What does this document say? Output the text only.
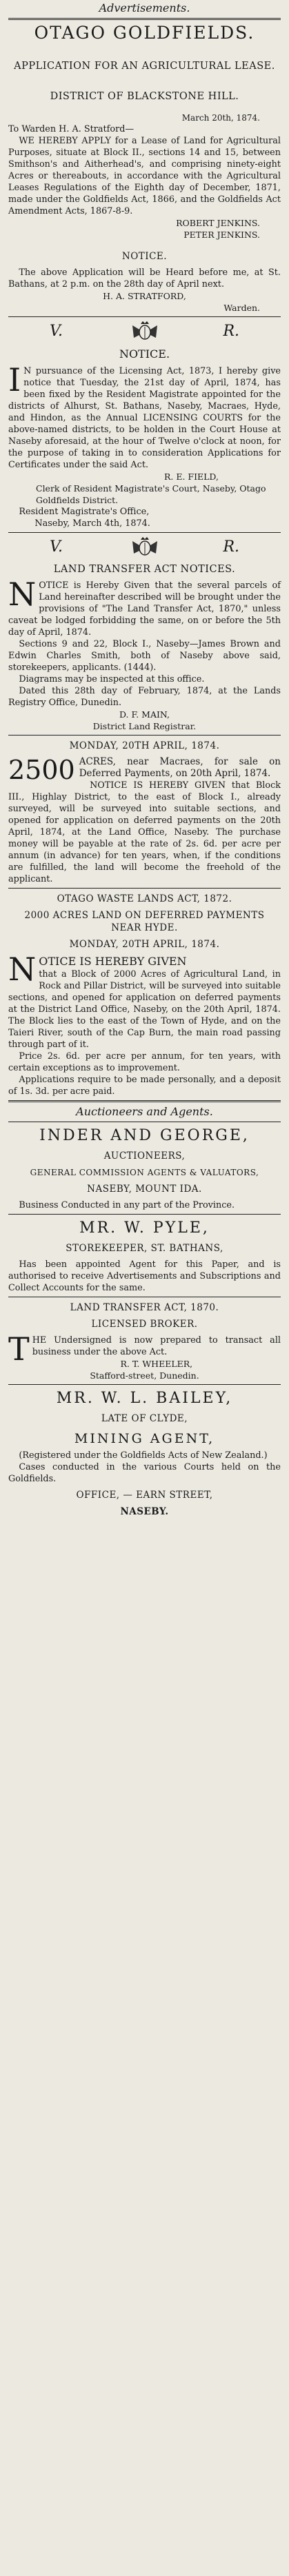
Advertisements.
OTAGO GOLDFIELDS.
APPLICATION FOR AN AGRICULTURAL LEASE.
DISTRICT OF BLACKSTONE HILL.
March 20th, 1874.
To Warden H. A. Stratford—

WE HEREBY APPLY for a Lease of Land for Agricultural Purposes, situate at Block II., sections 14 and 15, between Smithson's and Aitherhead's, and comprising ninety-eight Acres or thereabouts, in accordance with the Agricultural Leases Regulations of the Eighth day of December, 1871, made under the Goldfields Act, 1866, and the Goldfields Act Amendment Acts, 1867-8-9.

ROBERT JENKINS.
PETER JENKINS.
NOTICE.

The above Application will be Heard before me, at St. Bathans, at 2 p.m. on the 28th day of April next.

H. A. STRATFORD,
Warden.
V.	R.
NOTICE.
I N pursuance of the Licensing Act, 1873, I hereby give notice that Tuesday, the 21st day of April, 1874, has been fixed by the Resident Magistrate appointed for the districts of Alhurst, St. Bathans, Naseby, Macraes, Hyde, and Hindon, as the Annual LICENSING COURTS for the above-named districts, to be holden in the Court House at Naseby aforesaid, at the hour of Twelve o'clock at noon, for the purpose of taking in to consideration Applications for Certificates under the said Act.

R. E. FIELD,
Clerk of Resident Magistrate's Court, Naseby, Otago Goldfields District.
Resident Magistrate's Office,
Naseby, March 4th, 1874.
V.	R.
LAND TRANSFER ACT NOTICES.
N OTICE is Hereby Given that the several parcels of Land hereinafter described will be brought under the provisions of "The Land Transfer Act, 1870," unless caveat be lodged forbidding the same, on or before the 5th day of April, 1874.

Sections 9 and 22, Block I., Naseby—James Brown and Edwin Charles Smith, both of Naseby above said, storekeepers, applicants. (1444).

Diagrams may be inspected at this office.

Dated this 28th day of February, 1874, at the Lands Registry Office, Dunedin.

D. F. MAIN,
District Land Registrar.
MONDAY, 20TH APRIL, 1874.
2500 ACRES, near Macraes, for sale on Deferred Payments, on 20th April, 1874.

NOTICE IS HEREBY GIVEN that Block III., Highlay District, to the east of Block I., already surveyed, will be surveyed into suitable sections, and opened for application on deferred payments on the 20th April, 1874, at the Land Office, Naseby. The purchase money will be payable at the rate of 2s. 6d. per acre per annum (in advance) for ten years, when, if the conditions are fulfilled, the land will become the freehold of the applicant.

OTAGO WASTE LANDS ACT, 1872.
2000 ACRES LAND ON DEFERRED PAYMENTS NEAR HYDE.
MONDAY, 20TH APRIL, 1874.
N OTICE IS HEREBY GIVEN

that a Block of 2000 Acres of Agricultural Land, in Rock and Pillar District, will be surveyed into suitable sections, and opened for application on deferred payments at the District Land Office, Naseby, on the 20th April, 1874. The Block lies to the east of the Town of Hyde, and on the Taieri River, south of the Cap Burn, the main road passing through part of it.

Price 2s. 6d. per acre per annum, for ten years, with certain exceptions as to improvement.

Applications require to be made personally, and a deposit of 1s. 3d. per acre paid.

Auctioneers and Agents.
INDER AND GEORGE,
AUCTIONEERS,
GENERAL COMMISSION AGENTS & VALUATORS,
NASEBY, MOUNT IDA.

Business Conducted in any part of the Province.

MR. W. PYLE,
STOREKEEPER, ST. BATHANS,

Has been appointed Agent for this Paper, and is authorised to receive Advertisements and Subscriptions and Collect Accounts for the same.

LAND TRANSFER ACT, 1870.
LICENSED BROKER.
T HE Undersigned is now prepared to transact all business under the above Act.

R. T. WHEELER,
Stafford-street, Dunedin.
MR. W. L. BAILEY,
LATE OF CLYDE,
MINING AGENT,

(Registered under the Goldfields Acts of New Zealand.)

Cases conducted in the various Courts held on the Goldfields.

OFFICE, — EARN STREET,
NASEBY.
